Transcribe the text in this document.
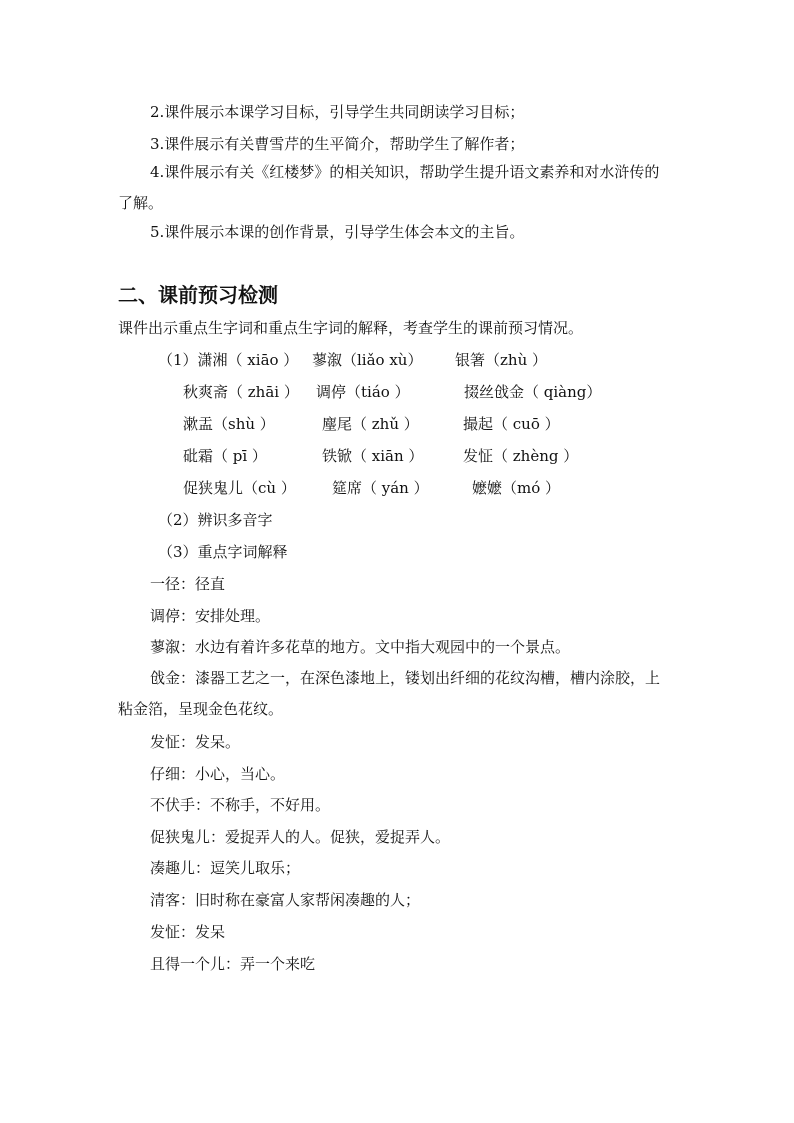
2.课件展示本课学习目标，引导学生共同朗读学习目标；
3.课件展示有关曹雪芹的生平简介，帮助学生了解作者；
4.课件展示有关《红楼梦》的相关知识，帮助学生提升语文素养和对水浒传的
了解。
5.课件展示本课的创作背景，引导学生体会本文的主旨。
二、课前预习检测
课件出示重点生字词和重点生字词的解释，考查学生的课前预习情况。
（1）潇湘（ xiāo ） 蓼溆（liǎo xù） 银箸（zhù ）
秋爽斋（ zhāi ） 调停（tiáo ）	掇丝戗金（ qiàng）
漱盂（shù ）	麈尾（ zhǔ ）	撮起（ cuō ）
砒霜（ pī ）	铁锨（ xiān ）	发怔（ zhèng ）
促狭鬼儿（cù ） 筵席（ yán ）	嬷嬷（mó ）
（2）辨识多音字
（3）重点字词解释
一径：径直
调停：安排处理。
蓼溆：水边有着许多花草的地方。文中指大观园中的一个景点。
戗金：漆器工艺之一，在深色漆地上，镂划出纤细的花纹沟槽，槽内涂胶，上
粘金箔，呈现金色花纹。
发怔：发呆。
仔细：小心，当心。
不伏手：不称手，不好用。
促狭鬼儿：爱捉弄人的人。促狭，爱捉弄人。
凑趣儿：逗笑儿取乐；
清客：旧时称在豪富人家帮闲凑趣的人；
发怔：发呆
且得一个儿：弄一个来吃
